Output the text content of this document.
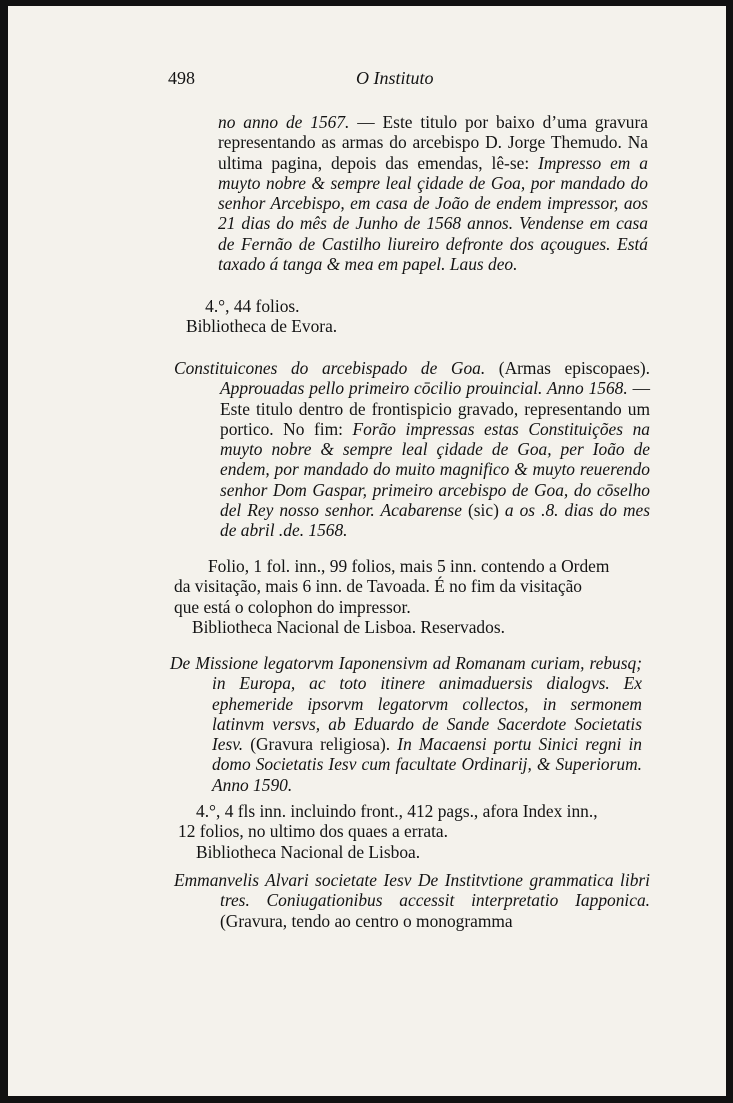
498	O Instituto

no anno de 1567. — Este titulo por baixo d’uma gravura representando as armas do arcebispo D. Jorge Themudo. Na ultima pagina, depois das emendas, lê-se: Impresso em a muyto nobre & sempre leal çidade de Goa, por mandado do senhor Arcebispo, em casa de João de endem impressor, aos 21 dias do mês de Junho de 1568 annos. Vendense em casa de Fernão de Castilho liureiro defronte dos açougues. Está taxado á tanga & mea em papel. Laus deo.

4.°, 44 folios.
Bibliotheca de Evora.

Constituicones do arcebispado de Goa. (Armas episcopaes). Approuadas pello primeiro cōcilio prouincial. Anno 1568. — Este titulo dentro de frontispicio gravado, representando um portico. No fim: Forão impressas estas Constituições na muyto nobre & sempre leal çidade de Goa, per Ioão de endem, por mandado do muito magnifico & muyto reuerendo senhor Dom Gaspar, primeiro arcebispo de Goa, do cōselho del Rey nosso senhor. Acabarense (sic) a os .8. dias do mes de abril .de. 1568.

Folio, 1 fol. inn., 99 folios, mais 5 inn. contendo a Ordem
da visitação, mais 6 inn. de Tavoada. É no fim da visitação
que está o colophon do impressor.
Bibliotheca Nacional de Lisboa. Reservados.

De Missione legatorvm Iaponensivm ad Romanam curiam, rebusq; in Europa, ac toto itinere animaduersis dialogvs. Ex ephemeride ipsorvm legatorvm collectos, in sermonem latinvm versvs, ab Eduardo de Sande Sacerdote Societatis Iesv. (Gravura religiosa). In Macaensi portu Sinici regni in domo Societatis Iesv cum facultate Ordinarij, & Superiorum. Anno 1590.

4.°, 4 fls inn. incluindo front., 412 pags., afora Index inn.,
12 folios, no ultimo dos quaes a errata.
Bibliotheca Nacional de Lisboa.

Emmanvelis Alvari societate Iesv De Institvtione grammatica libri tres. Coniugationibus accessit interpretatio Iapponica. (Gravura, tendo ao centro o monogramma
